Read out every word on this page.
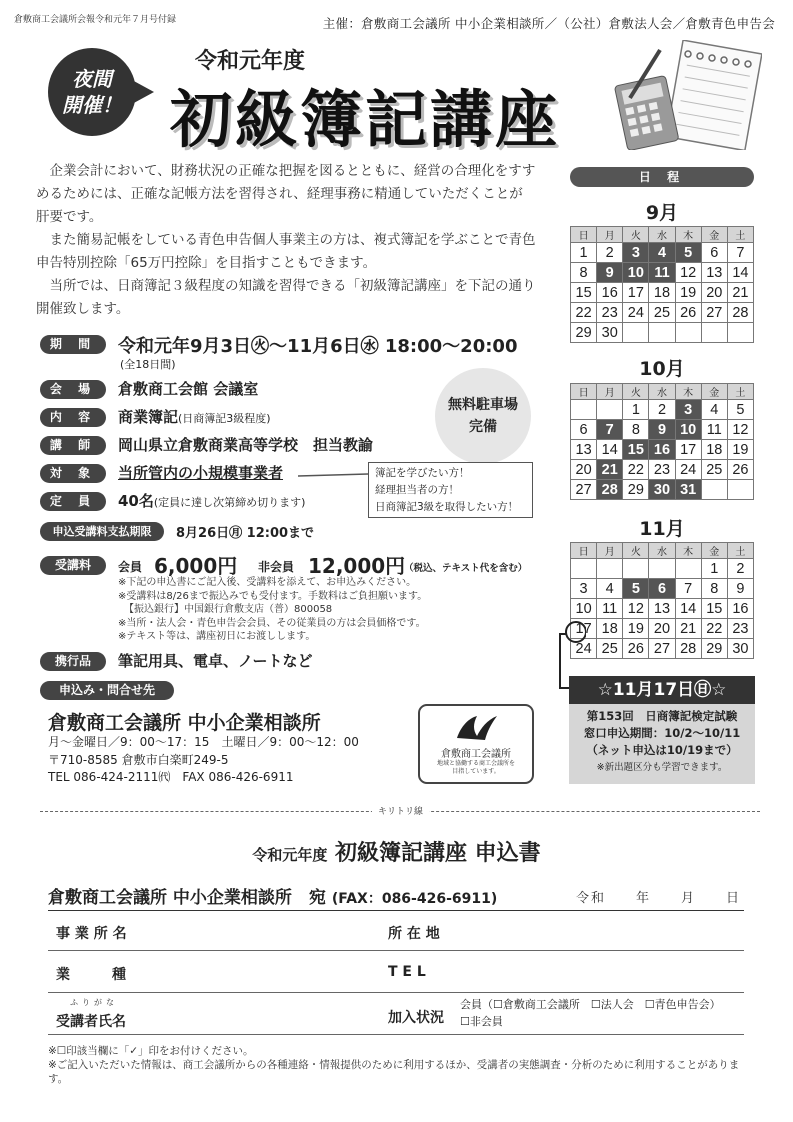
倉敷商工会議所会報令和元年７月号付録	主催：倉敷商工会議所 中小企業相談所／（公社）倉敷法人会／倉敷青色申告会
夜間
開催！
令和元年度
初級簿記講座

企業会計において、財務状況の正確な把握を図るとともに、経営の合理化をすすめるためには、正確な記帳方法を習得され、経理事務に精通していただくことが肝要です。

また簡易記帳をしている青色申告個人事業主の方は、複式簿記を学ぶことで青色申告特別控除「65万円控除」を目指すこともできます。

当所では、日商簿記３級程度の知識を習得できる「初級簿記講座」を下記の通り開催致します。

期 間	令和元年9月3日㊋～11月6日㊌ 18:00～20:00
(全18日間)
会 場	倉敷商工会館 会議室
内 容	商業簿記(日商簿記3級程度)
講 師	岡山県立倉敷商業高等学校　担当教諭
対 象	当所管内の小規模事業者
定 員	40名(定員に達し次第締め切ります)
申込受講料支払期限	8月26日㊊ 12:00まで
受講料	会員 6,000円 非会員 12,000円
（税込、テキスト代を含む）
※下記の申込書にご記入後、受講料を添えて、お申込みください。
※受講料は8/26まで振込みでも受付ます。手数料はご負担願います。
【振込銀行】中国銀行倉敷支店（普）800058
※当所・法人会・青色申告会会員、その従業員の方は会員価格です。
※テキスト等は、講座初日にお渡しします。
携行品	筆記用具、電卓、ノートなど
申込み・問合せ先
無料駐車場
完備
簿記を学びたい方！
経理担当者の方！
日商簿記3級を取得したい方！
倉敷商工会議所 中小企業相談所
月～金曜日／9：00～17：15　土曜日／9：00～12：00
〒710-8585 倉敷市白楽町249-5
TEL 086-424-2111㈹　FAX 086-426-6911
倉敷商工会議所
地域と協働する商工会議所を
目指しています。
日 程
9月
日	月	火	水	木	金	土
1	2	3	4	5	6	7
8	9	10	11	12	13	14
15	16	17	18	19	20	21
22	23	24	25	26	27	28
29	30					
10月
日	月	火	水	木	金	土
		1	2	3	4	5
6	7	8	9	10	11	12
13	14	15	16	17	18	19
20	21	22	23	24	25	26
27	28	29	30	31		
11月
日	月	火	水	木	金	土
					1	2
3	4	5	6	7	8	9
10	11	12	13	14	15	16
17	18	19	20	21	22	23
24	25	26	27	28	29	30
☆11月17日㊐☆
第153回　日商簿記検定試験
窓口申込期間：10/2～10/11
（ネット申込は10/19まで）
※新出題区分も学習できます。
キリトリ線
令和元年度 初級簿記講座 申込書
倉敷商工会議所 中小企業相談所　宛 (FAX：086-426-6911)	令和　　年　　月　　日
事 業 所 名	所 在 地
業　　　種	T E L
ふりがな
受講者氏名	加入状況
会員（☐倉敷商工会議所　☐法人会　☐青色申告会）
☐非会員
※☐印該当欄に「✓」印をお付けください。
※ご記入いただいた情報は、商工会議所からの各種連絡・情報提供のために利用するほか、受講者の実態調査・分析のために利用することがあります。
